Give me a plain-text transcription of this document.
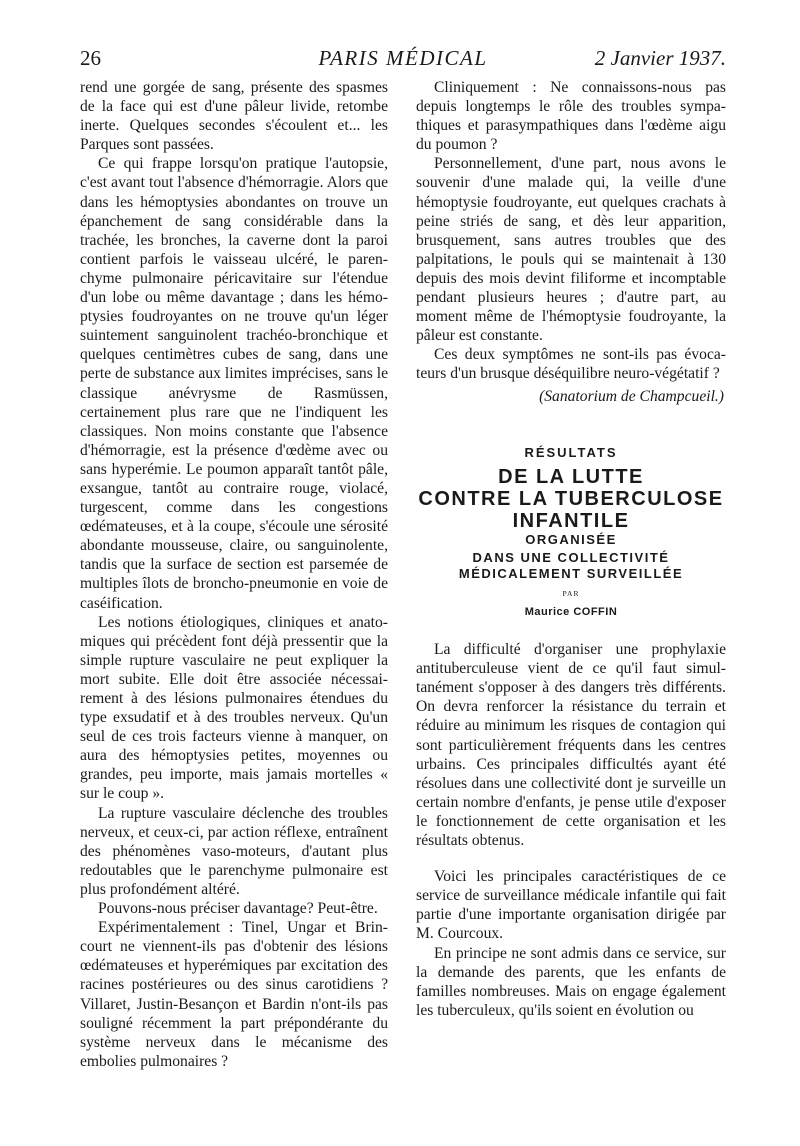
26	PARIS MÉDICAL	2 Janvier 1937.

rend une gorgée de sang, présente des spasmes de la face qui est d'une pâleur livide, retombe inerte. Quelques secondes s'écoulent et... les Parques sont passées.

Ce qui frappe lorsqu'on pratique l'autopsie, c'est avant tout l'absence d'hémorragie. Alors que dans les hémoptysies abondantes on trouve un épanchement de sang considérable dans la trachée, les bronches, la caverne dont la paroi contient parfois le vaisseau ulcéré, le parenchyme pulmonaire péricavitaire sur l'étendue d'un lobe ou même davantage ; dans les hémoptysies foudroyantes on ne trouve qu'un léger suintement sanguinolent trachéo-bronchique et quelques centimètres cubes de sang, dans une perte de substance aux limites imprécises, sans le classique anévrysme de Rasmüssen, certainement plus rare que ne l'indiquent les classiques. Non moins constante que l'absence d'hémorragie, est la présence d'œdème avec ou sans hyperémie. Le poumon apparaît tantôt pâle, exsangue, tantôt au contraire rouge, violacé, turgescent, comme dans les congestions œdémateuses, et à la coupe, s'écoule une sérosité abondante mousseuse, claire, ou sanguinolente, tandis que la surface de section est parsemée de multiples îlots de broncho-pneumonie en voie de caséification.

Les notions étiologiques, cliniques et anatomiques qui précèdent font déjà pressentir que la simple rupture vasculaire ne peut expliquer la mort subite. Elle doit être associée nécessairement à des lésions pulmonaires étendues du type exsudatif et à des troubles nerveux. Qu'un seul de ces trois facteurs vienne à manquer, on aura des hémoptysies petites, moyennes ou grandes, peu importe, mais jamais mortelles « sur le coup ».

La rupture vasculaire déclenche des troubles nerveux, et ceux-ci, par action réflexe, entraînent des phénomènes vaso-moteurs, d'autant plus redoutables que le parenchyme pulmonaire est plus profondément altéré.

Pouvons-nous préciser davantage? Peut-être.

Expérimentalement : Tinel, Ungar et Brincourt ne viennent-ils pas d'obtenir des lésions œdémateuses et hyperémiques par excitation des racines postérieures ou des sinus carotidiens ? Villaret, Justin-Besançon et Bardin n'ont-ils pas souligné récemment la part prépondérante du système nerveux dans le mécanisme des embolies pulmonaires ?

Cliniquement : Ne connaissons-nous pas depuis longtemps le rôle des troubles sympathiques et parasympathiques dans l'œdème aigu du poumon ?

Personnellement, d'une part, nous avons le souvenir d'une malade qui, la veille d'une hémoptysie foudroyante, eut quelques crachats à peine striés de sang, et dès leur apparition, brusquement, sans autres troubles que des palpitations, le pouls qui se maintenait à 130 depuis des mois devint filiforme et incomptable pendant plusieurs heures ; d'autre part, au moment même de l'hémoptysie foudroyante, la pâleur est constante.

Ces deux symptômes ne sont-ils pas évocateurs d'un brusque déséquilibre neuro-végétatif ?

(Sanatorium de Champcueil.)
RÉSULTATS
DE LA LUTTE
CONTRE LA TUBERCULOSE
INFANTILE
ORGANISÉE
DANS UNE COLLECTIVITÉ
MÉDICALEMENT SURVEILLÉE
PAR
Maurice COFFIN

La difficulté d'organiser une prophylaxie antituberculeuse vient de ce qu'il faut simultanément s'opposer à des dangers très différents. On devra renforcer la résistance du terrain et réduire au minimum les risques de contagion qui sont particulièrement fréquents dans les centres urbains. Ces principales difficultés ayant été résolues dans une collectivité dont je surveille un certain nombre d'enfants, je pense utile d'exposer le fonctionnement de cette organisation et les résultats obtenus.

Voici les principales caractéristiques de ce service de surveillance médicale infantile qui fait partie d'une importante organisation dirigée par M. Courcoux.

En principe ne sont admis dans ce service, sur la demande des parents, que les enfants de familles nombreuses. Mais on engage également les tuberculeux, qu'ils soient en évolution ou
